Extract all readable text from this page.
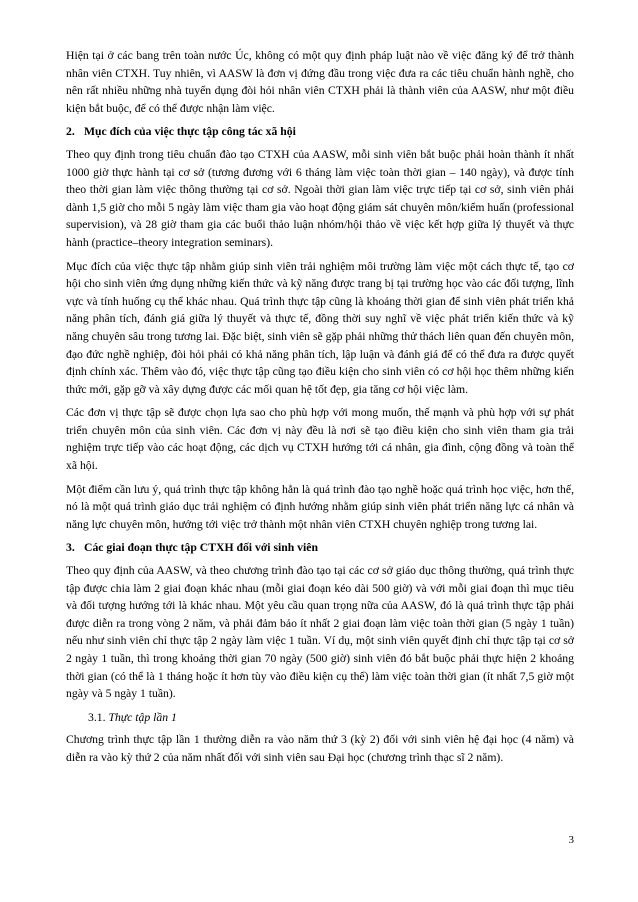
Hiện tại ở các bang trên toàn nước Úc, không có một quy định pháp luật nào về việc đăng ký để trở thành nhân viên CTXH. Tuy nhiên, vì AASW là đơn vị đứng đầu trong việc đưa ra các tiêu chuẩn hành nghề, cho nên rất nhiều những nhà tuyển dụng đòi hỏi nhân viên CTXH phải là thành viên của AASW, như một điều kiện bắt buộc, để có thể được nhận làm việc.

2. Mục đích của việc thực tập công tác xã hội

Theo quy định trong tiêu chuẩn đào tạo CTXH của AASW, mỗi sinh viên bắt buộc phải hoàn thành ít nhất 1000 giờ thực hành tại cơ sở (tương đương với 6 tháng làm việc toàn thời gian – 140 ngày), và được tính theo thời gian làm việc thông thường tại cơ sở. Ngoài thời gian làm việc trực tiếp tại cơ sở, sinh viên phải dành 1,5 giờ cho mỗi 5 ngày làm việc tham gia vào hoạt động giám sát chuyên môn/kiểm huấn (professional supervision), và 28 giờ tham gia các buổi thảo luận nhóm/hội thảo về việc kết hợp giữa lý thuyết và thực hành (practice–theory integration seminars).

Mục đích của việc thực tập nhằm giúp sinh viên trải nghiệm môi trường làm việc một cách thực tế, tạo cơ hội cho sinh viên ứng dụng những kiến thức và kỹ năng được trang bị tại trường học vào các đối tượng, lĩnh vực và tính huống cụ thể khác nhau. Quá trình thực tập cũng là khoảng thời gian để sinh viên phát triển khả năng phân tích, đánh giá giữa lý thuyết và thực tế, đồng thời suy nghĩ về việc phát triển kiến thức và kỹ năng chuyên sâu trong tương lai. Đặc biệt, sinh viên sẽ gặp phải những thử thách liên quan đến chuyên môn, đạo đức nghề nghiệp, đòi hỏi phải có khả năng phân tích, lập luận và đánh giá để có thể đưa ra được quyết định chính xác. Thêm vào đó, việc thực tập cũng tạo điều kiện cho sinh viên có cơ hội học thêm những kiến thức mới, gặp gỡ và xây dựng được các mối quan hệ tốt đẹp, gia tăng cơ hội việc làm.

Các đơn vị thực tập sẽ được chọn lựa sao cho phù hợp với mong muốn, thế mạnh và phù hợp với sự phát triển chuyên môn của sinh viên. Các đơn vị này đều là nơi sẽ tạo điều kiện cho sinh viên tham gia trải nghiệm trực tiếp vào các hoạt động, các dịch vụ CTXH hướng tới cá nhân, gia đình, cộng đồng và toàn thể xã hội.

Một điểm cần lưu ý, quá trình thực tập không hẳn là quá trình đào tạo nghề hoặc quá trình học việc, hơn thế, nó là một quá trình giáo dục trải nghiệm có định hướng nhằm giúp sinh viên phát triển năng lực cá nhân và năng lực chuyên môn, hướng tới việc trở thành một nhân viên CTXH chuyên nghiệp trong tương lai.

3. Các giai đoạn thực tập CTXH đối với sinh viên

Theo quy định của AASW, và theo chương trình đào tạo tại các cơ sở giáo dục thông thường, quá trình thực tập được chia làm 2 giai đoạn khác nhau (mỗi giai đoạn kéo dài 500 giờ) và với mỗi giai đoạn thì mục tiêu và đối tượng hướng tới là khác nhau. Một yêu cầu quan trọng nữa của AASW, đó là quá trình thực tập phải được diễn ra trong vòng 2 năm, và phải đảm bảo ít nhất 2 giai đoạn làm việc toàn thời gian (5 ngày 1 tuần) nếu như sinh viên chỉ thực tập 2 ngày làm việc 1 tuần. Ví dụ, một sinh viên quyết định chỉ thực tập tại cơ sở 2 ngày 1 tuần, thì trong khoảng thời gian 70 ngày (500 giờ) sinh viên đó bắt buộc phải thực hiện 2 khoảng thời gian (có thể là 1 tháng hoặc ít hơn tùy vào điều kiện cụ thể) làm việc toàn thời gian (ít nhất 7,5 giờ một ngày và 5 ngày 1 tuần).

3.1. Thực tập lần 1

Chương trình thực tập lần 1 thường diễn ra vào năm thứ 3 (kỳ 2) đối với sinh viên hệ đại học (4 năm) và diễn ra vào kỳ thứ 2 của năm nhất đối với sinh viên sau Đại học (chương trình thạc sĩ 2 năm).

3
